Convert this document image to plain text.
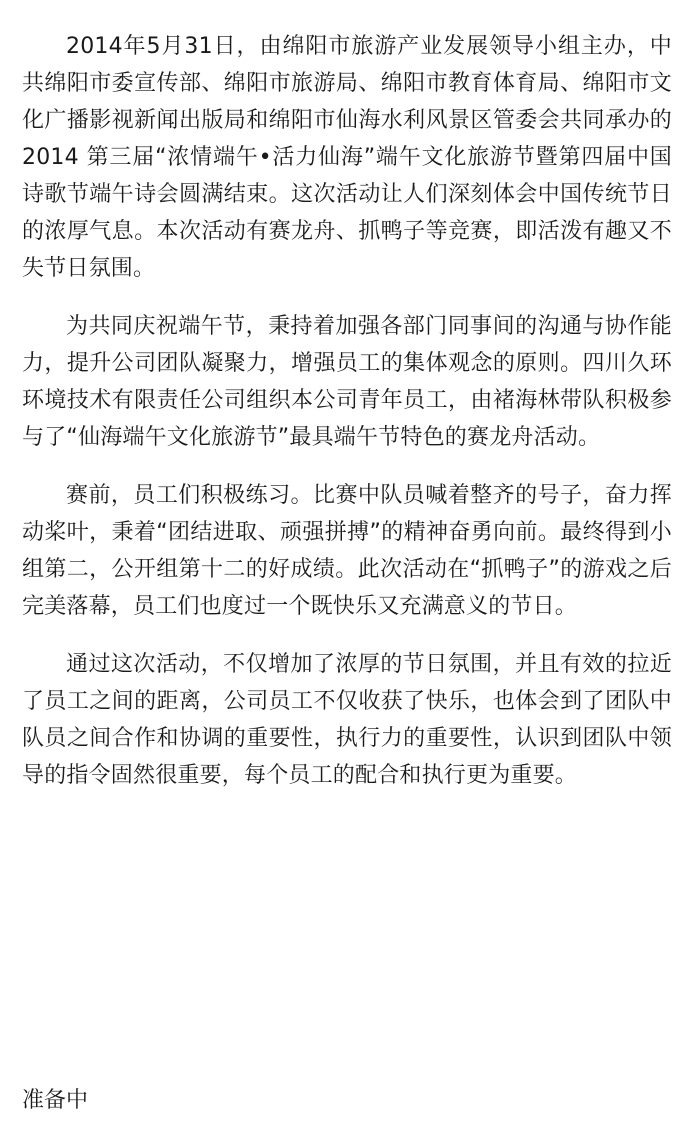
2014年5月31日，由绵阳市旅游产业发展领导小组主办，中共绵阳市委宣传部、绵阳市旅游局、绵阳市教育体育局、绵阳市文化广播影视新闻出版局和绵阳市仙海水利风景区管委会共同承办的 2014 第三届“浓情端午•活力仙海”端午文化旅游节暨第四届中国诗歌节端午诗会圆满结束。这次活动让人们深刻体会中国传统节日的浓厚气息。本次活动有赛龙舟、抓鸭子等竞赛，即活泼有趣又不失节日氛围。

为共同庆祝端午节，秉持着加强各部门同事间的沟通与协作能力，提升公司团队凝聚力，增强员工的集体观念的原则。四川久环环境技术有限责任公司组织本公司青年员工，由褚海林带队积极参与了“仙海端午文化旅游节”最具端午节特色的赛龙舟活动。

赛前，员工们积极练习。比赛中队员喊着整齐的号子，奋力挥动桨叶，秉着“团结进取、顽强拼搏”的精神奋勇向前。最终得到小组第二，公开组第十二的好成绩。此次活动在“抓鸭子”的游戏之后完美落幕，员工们也度过一个既快乐又充满意义的节日。

通过这次活动，不仅增加了浓厚的节日氛围，并且有效的拉近了员工之间的距离，公司员工不仅收获了快乐，也体会到了团队中队员之间合作和协调的重要性，执行力的重要性，认识到团队中领导的指令固然很重要，每个员工的配合和执行更为重要。

准备中
